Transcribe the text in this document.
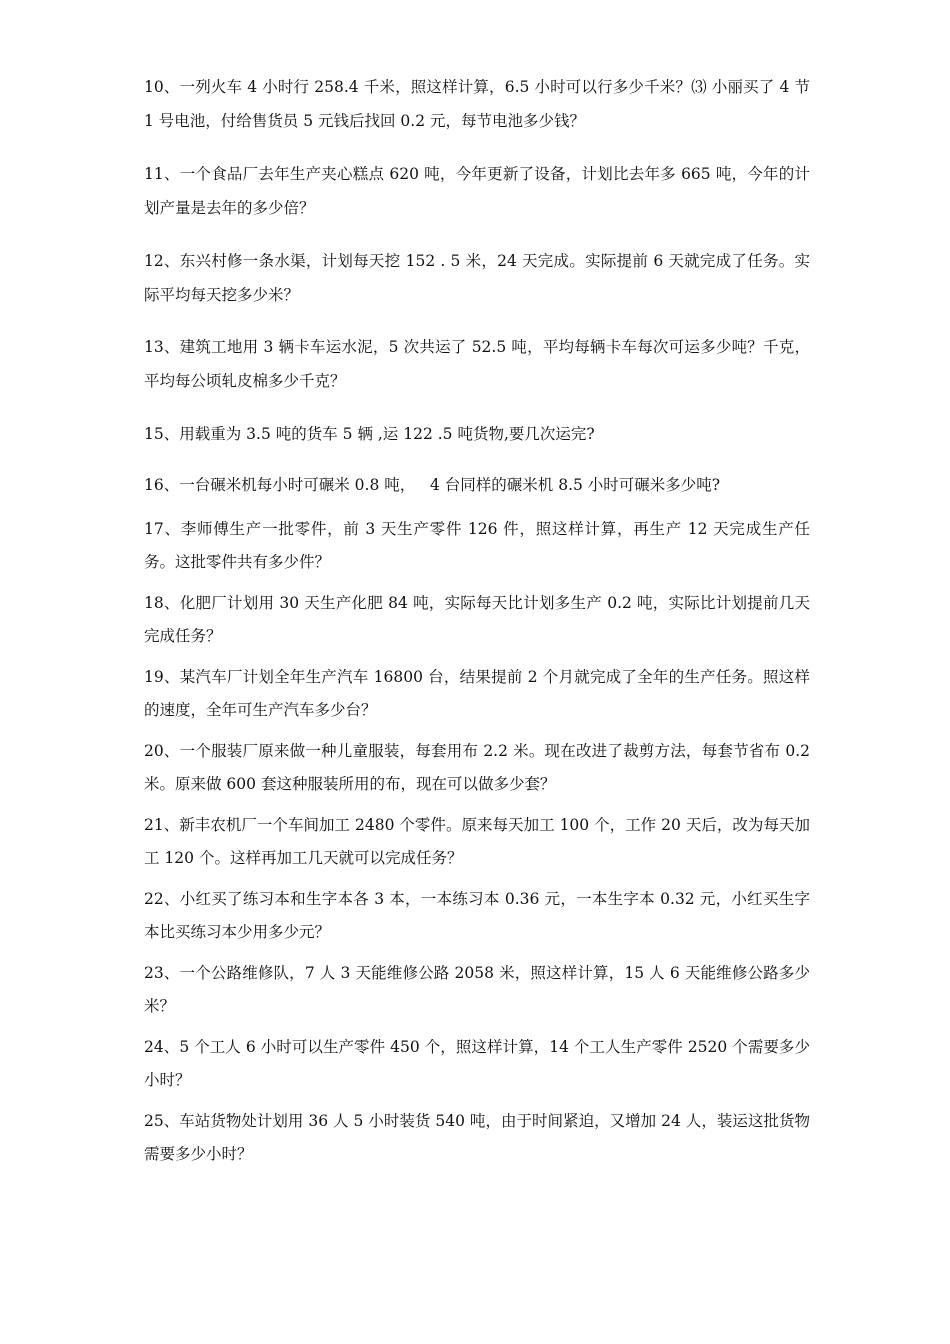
10、一列火车 4 小时行 258.4 千米，照这样计算，6.5 小时可以行多少千米？⑶ 小丽买了 4 节 1 号电池，付给售货员 5 元钱后找回 0.2 元，每节电池多少钱？

11、一个食品厂去年生产夹心糕点 620 吨，今年更新了设备，计划比去年多 665 吨，今年的计划产量是去年的多少倍？

12、东兴村修一条水渠，计划每天挖 152 . 5 米，24 天完成。实际提前 6 天就完成了任务。实际平均每天挖多少米？

13、建筑工地用 3 辆卡车运水泥，5 次共运了 52.5 吨，平均每辆卡车每次可运多少吨？千克，平均每公顷轧皮棉多少千克？

15、用载重为 3.5 吨的货车 5 辆 ,运 122 .5 吨货物,要几次运完?

16、一台碾米机每小时可碾米 0.8 吨，   4 台同样的碾米机 8.5 小时可碾米多少吨?

17、李师傅生产一批零件，前 3 天生产零件 126 件，照这样计算，再生产 12 天完成生产任务。这批零件共有多少件？

18、化肥厂计划用 30 天生产化肥 84 吨，实际每天比计划多生产 0.2 吨，实际比计划提前几天完成任务？

19、某汽车厂计划全年生产汽车 16800 台，结果提前 2 个月就完成了全年的生产任务。照这样的速度，全年可生产汽车多少台？

20、一个服装厂原来做一种儿童服装，每套用布 2.2 米。现在改进了裁剪方法，每套节省布 0.2 米。原来做 600 套这种服装所用的布，现在可以做多少套？

21、新丰农机厂一个车间加工 2480 个零件。原来每天加工 100 个，工作 20 天后，改为每天加工 120 个。这样再加工几天就可以完成任务？

22、小红买了练习本和生字本各 3 本，一本练习本 0.36 元，一本生字本 0.32 元，小红买生字本比买练习本少用多少元？

23、一个公路维修队，7 人 3 天能维修公路 2058 米，照这样计算，15 人 6 天能维修公路多少米？

24、5 个工人 6 小时可以生产零件 450 个，照这样计算，14 个工人生产零件 2520 个需要多少小时？

25、车站货物处计划用 36 人 5 小时装货 540 吨，由于时间紧迫，又增加 24 人，装运这批货物需要多少小时？
